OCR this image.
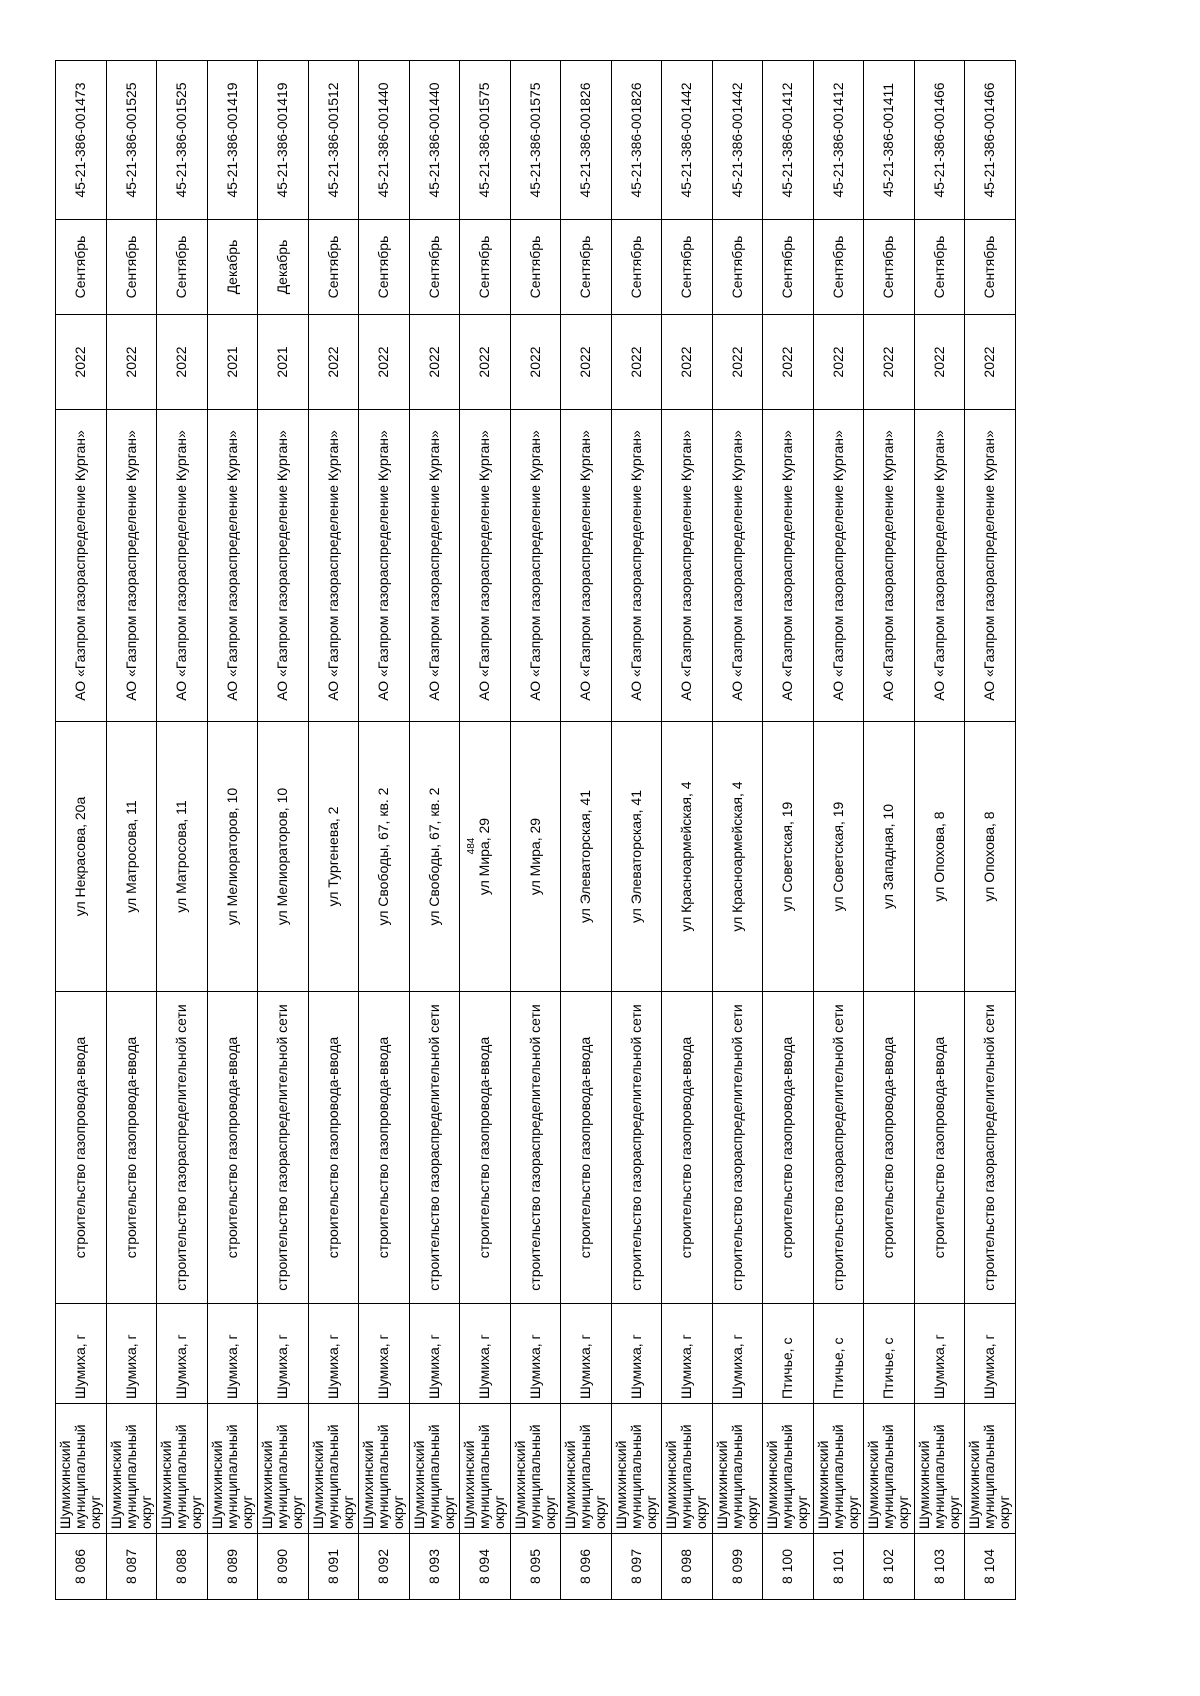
484
8 086	Шумихинский муниципальный округ	Шумиха, г	строительство газопровода-ввода	ул Некрасова, 20а	АО «Газпром газораспределение Курган»	2022	Сентябрь	45-21-386-001473
8 087	Шумихинский муниципальный округ	Шумиха, г	строительство газопровода-ввода	ул Матросова, 11	АО «Газпром газораспределение Курган»	2022	Сентябрь	45-21-386-001525
8 088	Шумихинский муниципальный округ	Шумиха, г	строительство газораспределительной сети	ул Матросова, 11	АО «Газпром газораспределение Курган»	2022	Сентябрь	45-21-386-001525
8 089	Шумихинский муниципальный округ	Шумиха, г	строительство газопровода-ввода	ул Мелиораторов, 10	АО «Газпром газораспределение Курган»	2021	Декабрь	45-21-386-001419
8 090	Шумихинский муниципальный округ	Шумиха, г	строительство газораспределительной сети	ул Мелиораторов, 10	АО «Газпром газораспределение Курган»	2021	Декабрь	45-21-386-001419
8 091	Шумихинский муниципальный округ	Шумиха, г	строительство газопровода-ввода	ул Тургенева, 2	АО «Газпром газораспределение Курган»	2022	Сентябрь	45-21-386-001512
8 092	Шумихинский муниципальный округ	Шумиха, г	строительство газопровода-ввода	ул Свободы, 67, кв. 2	АО «Газпром газораспределение Курган»	2022	Сентябрь	45-21-386-001440
8 093	Шумихинский муниципальный округ	Шумиха, г	строительство газораспределительной сети	ул Свободы, 67, кв. 2	АО «Газпром газораспределение Курган»	2022	Сентябрь	45-21-386-001440
8 094	Шумихинский муниципальный округ	Шумиха, г	строительство газопровода-ввода	ул Мира, 29	АО «Газпром газораспределение Курган»	2022	Сентябрь	45-21-386-001575
8 095	Шумихинский муниципальный округ	Шумиха, г	строительство газораспределительной сети	ул Мира, 29	АО «Газпром газораспределение Курган»	2022	Сентябрь	45-21-386-001575
8 096	Шумихинский муниципальный округ	Шумиха, г	строительство газопровода-ввода	ул Элеваторская, 41	АО «Газпром газораспределение Курган»	2022	Сентябрь	45-21-386-001826
8 097	Шумихинский муниципальный округ	Шумиха, г	строительство газораспределительной сети	ул Элеваторская, 41	АО «Газпром газораспределение Курган»	2022	Сентябрь	45-21-386-001826
8 098	Шумихинский муниципальный округ	Шумиха, г	строительство газопровода-ввода	ул Красноармейская, 4	АО «Газпром газораспределение Курган»	2022	Сентябрь	45-21-386-001442
8 099	Шумихинский муниципальный округ	Шумиха, г	строительство газораспределительной сети	ул Красноармейская, 4	АО «Газпром газораспределение Курган»	2022	Сентябрь	45-21-386-001442
8 100	Шумихинский муниципальный округ	Птичье, с	строительство газопровода-ввода	ул Советская, 19	АО «Газпром газораспределение Курган»	2022	Сентябрь	45-21-386-001412
8 101	Шумихинский муниципальный округ	Птичье, с	строительство газораспределительной сети	ул Советская, 19	АО «Газпром газораспределение Курган»	2022	Сентябрь	45-21-386-001412
8 102	Шумихинский муниципальный округ	Птичье, с	строительство газопровода-ввода	ул Западная, 10	АО «Газпром газораспределение Курган»	2022	Сентябрь	45-21-386-001411
8 103	Шумихинский муниципальный округ	Шумиха, г	строительство газопровода-ввода	ул Опохова, 8	АО «Газпром газораспределение Курган»	2022	Сентябрь	45-21-386-001466
8 104	Шумихинский муниципальный округ	Шумиха, г	строительство газораспределительной сети	ул Опохова, 8	АО «Газпром газораспределение Курган»	2022	Сентябрь	45-21-386-001466
